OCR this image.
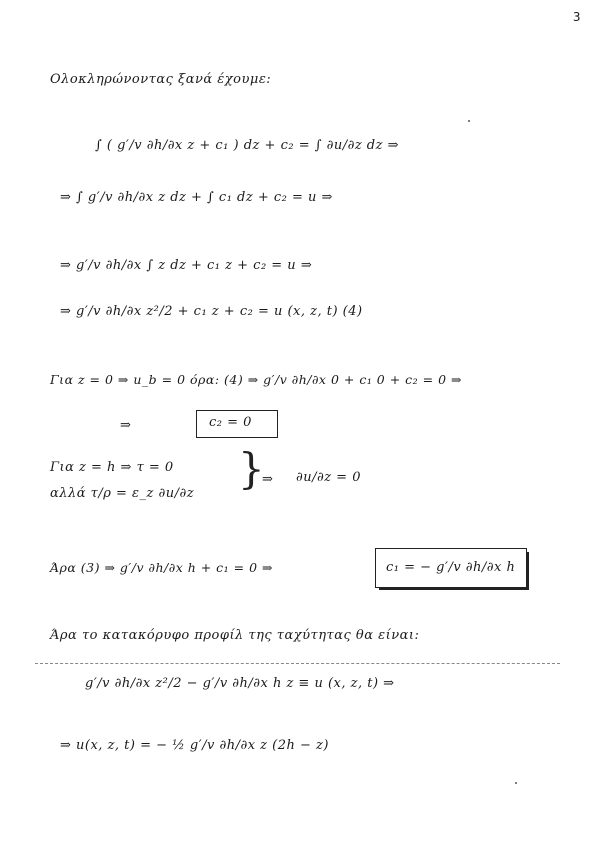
3
Ολοκληρώνοντας ξανά έχουμε:
∫ ( g′/v ∂h/∂x z + c₁ ) dz + c₂ = ∫ ∂u/∂z dz ⇒
⇒ ∫ g′/v ∂h/∂x z dz + ∫ c₁ dz + c₂ = u ⇒
⇒ g′/v ∂h/∂x ∫ z dz + c₁ z + c₂ = u ⇒
⇒ g′/v ∂h/∂x z²/2 + c₁ z + c₂ = u (x, z, t) (4)
Για z = 0 ⇒ u_b = 0 όρα: (4) ⇒ g′/v ∂h/∂x 0 + c₁ 0 + c₂ = 0 ⇒
⇒	c₂ = 0
Για z = h ⇒ τ = 0
αλλά τ/ρ = ε_z ∂u/∂z
}
⇒ ∂u/∂z = 0
Άρα (3) ⇒ g′/v ∂h/∂x h + c₁ = 0 ⇒	c₁ = − g′/v ∂h/∂x h
Άρα το κατακόρυφο προφίλ της ταχύτητας θα είναι:
g′/v ∂h/∂x z²/2 − g′/v ∂h/∂x h z ≡ u (x, z, t) ⇒
⇒ u(x, z, t) = − ½ g′/v ∂h/∂x z (2h − z)
